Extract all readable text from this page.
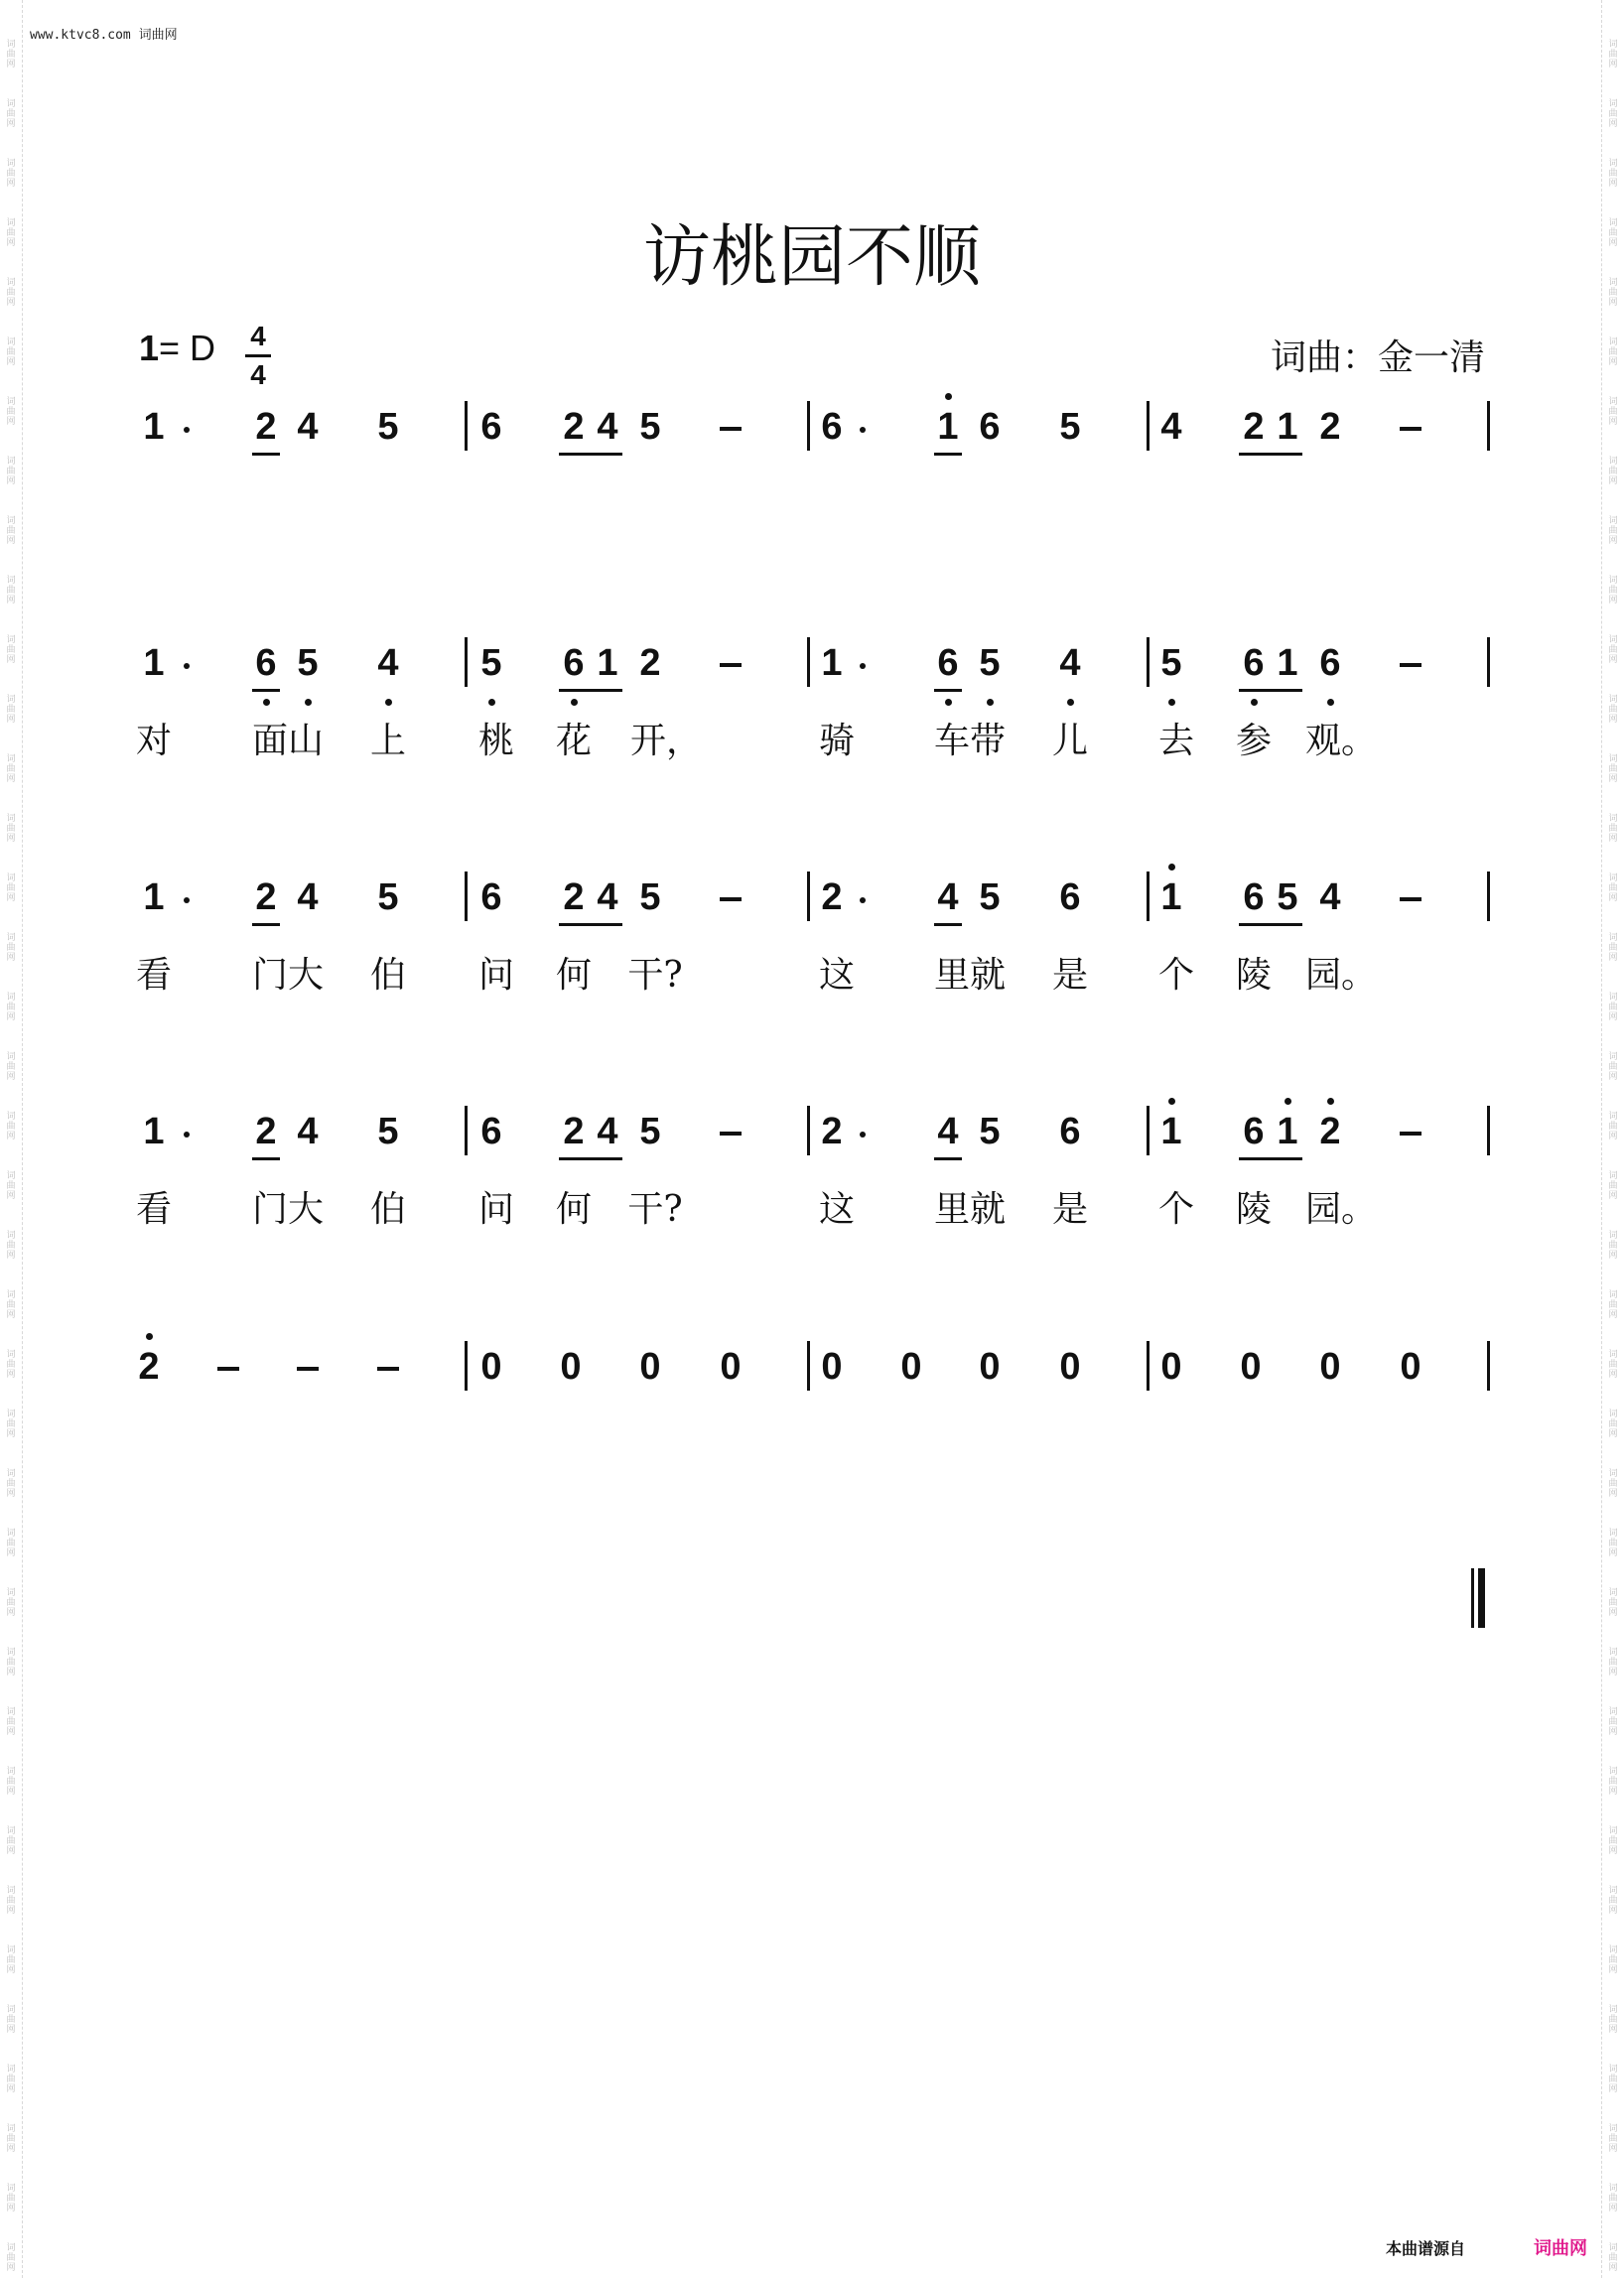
词
曲
网
词
曲
网
词
曲
网
词
曲
网
词
曲
网
词
曲
网
词
曲
网
词
曲
网
词
曲
网
词
曲
网
词
曲
网
词
曲
网
词
曲
网
词
曲
网
词
曲
网
词
曲
网
词
曲
网
词
曲
网
词
曲
网
词
曲
网
词
曲
网
词
曲
网
词
曲
网
词
曲
网
词
曲
网
词
曲
网
词
曲
网
词
曲
网
词
曲
网
词
曲
网
词
曲
网
词
曲
网
词
曲
网
词
曲
网
词
曲
网
词
曲
网
词
曲
网
词
曲
网
词
曲
网
词
曲
网
词
曲
网
词
曲
网
词
曲
网
词
曲
网
词
曲
网
词
曲
网
词
曲
网
词
曲
网
词
曲
网
词
曲
网
词
曲
网
词
曲
网
词
曲
网
词
曲
网
词
曲
网
词
曲
网
词
曲
网
词
曲
网
词
曲
网
词
曲
网
词
曲
网
词
曲
网
词
曲
网
词
曲
网
词
曲
网
词
曲
网
词
曲
网
词
曲
网
词
曲
网
词
曲
网
词
曲
网
词
曲
网
词
曲
网
词
曲
网
词
曲
网
词
曲
网
www.ktvc8.com 词曲网
访桃园不顺
1= D 4
4	词曲：金一清
1 2 4 5 6 2 4 5	6	1 6 5 4 2 1 2
1 6 5 4 5 6 1 2	1	6 5 4 5 6 1 6
对 面山 上 桃 花 开，	骑 车带 儿 去 参 观。
1 2 4 5 6 2 4 5	2	4 5 6 1 6 5 4
看 门大 伯 问 何 干?	这 里就 是 个 陵 园。
1 2 4 5 6 2 4 5	2	4 5 6 1 6 1 2
看 门大 伯 问 何 干?	这 里就 是 个 陵 园。
2	0 0 0 0 0 0 0 0 0 0 0 0
本曲谱源自	词曲网
